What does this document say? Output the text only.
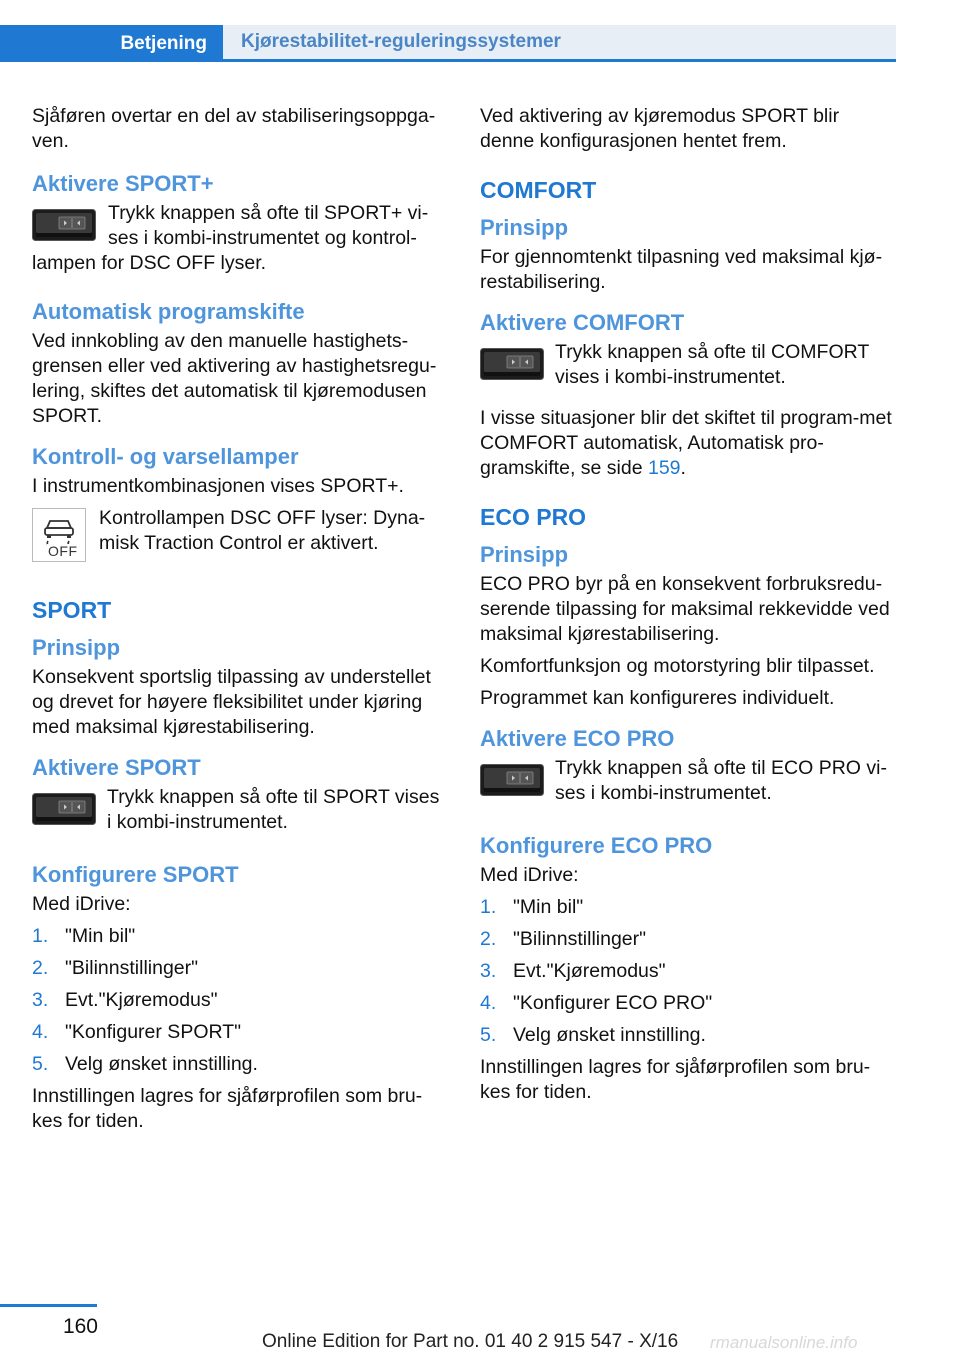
Betjening Kjørestabilitet-reguleringssystemer

Sjåføren overtar en del av stabiliseringsoppga-ven.

Aktivere SPORT+
Trykk knappen så ofte til SPORT+ vi-ses i kombi-instrumentet og kontrol-lampen for DSC OFF lyser.
Automatisk programskifte

Ved innkobling av den manuelle hastighets-grensen eller ved aktivering av hastighetsregu-lering, skiftes det automatisk til kjøremodusen SPORT.

Kontroll- og varsellamper

I instrumentkombinasjonen vises SPORT+.

OFF
Kontrollampen DSC OFF lyser: Dyna-misk Traction Control er aktivert.
SPORT
Prinsipp

Konsekvent sportslig tilpassing av understellet og drevet for høyere fleksibilitet under kjøring med maksimal kjørestabilisering.

Aktivere SPORT
Trykk knappen så ofte til SPORT vises i kombi-instrumentet.
Konfigurere SPORT

Med iDrive:

1. "Min bil"
2. "Bilinnstillinger"
3. Evt."Kjøremodus"
4. "Konfigurer SPORT"
5. Velg ønsket innstilling.

Innstillingen lagres for sjåførprofilen som bru-kes for tiden.

Ved aktivering av kjøremodus SPORT blir denne konfigurasjonen hentet frem.

COMFORT
Prinsipp

For gjennomtenkt tilpasning ved maksimal kjø-restabilisering.

Aktivere COMFORT
Trykk knappen så ofte til COMFORT vises i kombi-instrumentet.

I visse situasjoner blir det skiftet til program-met COMFORT automatisk, Automatisk pro-gramskifte, se side 159.

ECO PRO
Prinsipp

ECO PRO byr på en konsekvent forbruksredu-serende tilpassing for maksimal rekkevidde ved maksimal kjørestabilisering.

Komfortfunksjon og motorstyring blir tilpasset.

Programmet kan konfigureres individuelt.

Aktivere ECO PRO
Trykk knappen så ofte til ECO PRO vi-ses i kombi-instrumentet.
Konfigurere ECO PRO

Med iDrive:

1. "Min bil"
2. "Bilinnstillinger"
3. Evt."Kjøremodus"
4. "Konfigurer ECO PRO"
5. Velg ønsket innstilling.

Innstillingen lagres for sjåførprofilen som bru-kes for tiden.

160
Online Edition for Part no. 01 40 2 915 547 - X/16 rmanualsonline.info
